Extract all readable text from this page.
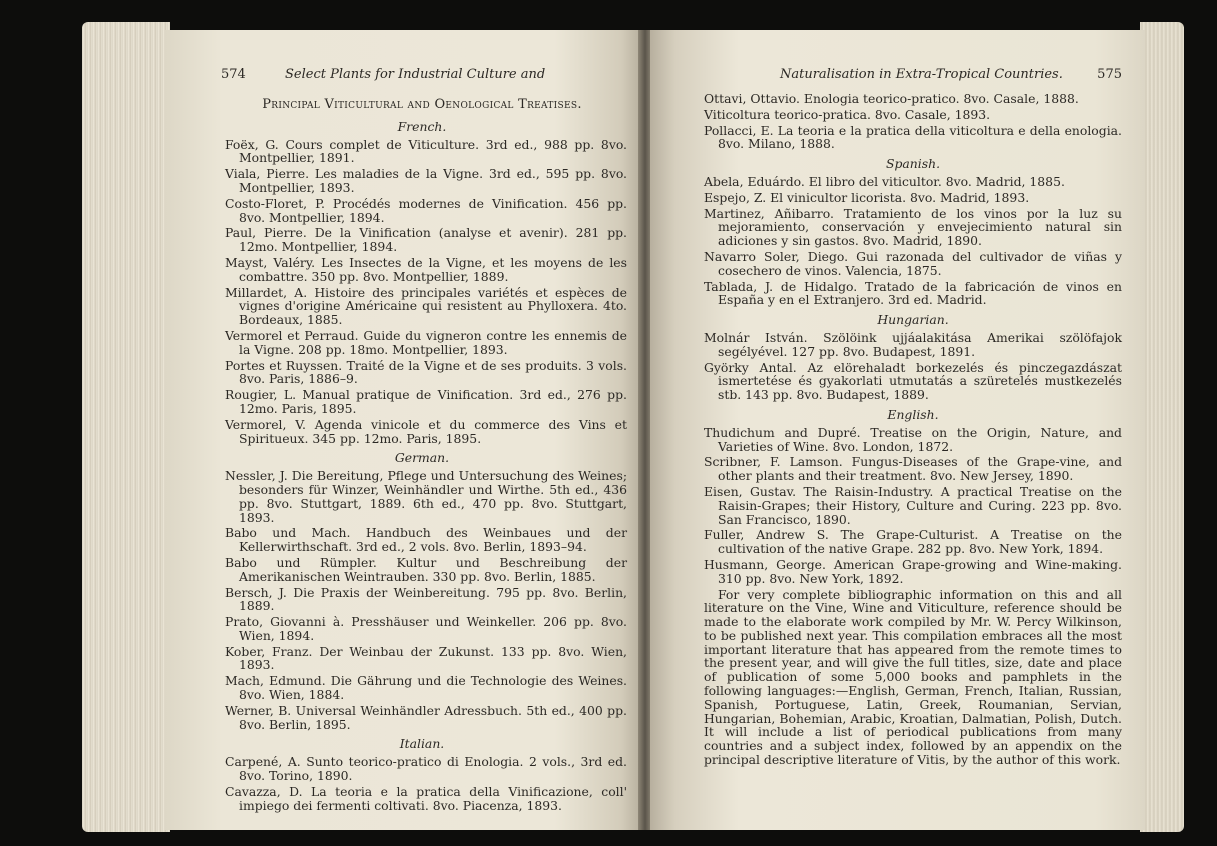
574	Select Plants for Industrial Culture and
Principal Viticultural and Oenological Treatises.
French.
Foëx, G. Cours complet de Viticulture. 3rd ed., 988 pp. 8vo. Montpellier, 1891.
Viala, Pierre. Les maladies de la Vigne. 3rd ed., 595 pp. 8vo. Montpellier, 1893.
Costo-Floret, P. Procédés modernes de Vinification. 456 pp. 8vo. Montpellier, 1894.
Paul, Pierre. De la Vinification (analyse et avenir). 281 pp. 12mo. Montpellier, 1894.
Mayst, Valéry. Les Insectes de la Vigne, et les moyens de les combattre. 350 pp. 8vo. Montpellier, 1889.
Millardet, A. Histoire des principales variétés et espèces de vignes d'origine Américaine qui resistent au Phylloxera. 4to. Bordeaux, 1885.
Vermorel et Perraud. Guide du vigneron contre les ennemis de la Vigne. 208 pp. 18mo. Montpellier, 1893.
Portes et Ruyssen. Traité de la Vigne et de ses produits. 3 vols. 8vo. Paris, 1886–9.
Rougier, L. Manual pratique de Vinification. 3rd ed., 276 pp. 12mo. Paris, 1895.
Vermorel, V. Agenda vinicole et du commerce des Vins et Spiritueux. 345 pp. 12mo. Paris, 1895.
German.
Nessler, J. Die Bereitung, Pflege und Untersuchung des Weines; besonders für Winzer, Weinhändler und Wirthe. 5th ed., 436 pp. 8vo. Stuttgart, 1889. 6th ed., 470 pp. 8vo. Stuttgart, 1893.
Babo und Mach. Handbuch des Weinbaues und der Kellerwirthschaft. 3rd ed., 2 vols. 8vo. Berlin, 1893–94.
Babo und Rümpler. Kultur und Beschreibung der Amerikanischen Weintrauben. 330 pp. 8vo. Berlin, 1885.
Bersch, J. Die Praxis der Weinbereitung. 795 pp. 8vo. Berlin, 1889.
Prato, Giovanni à. Presshäuser und Weinkeller. 206 pp. 8vo. Wien, 1894.
Kober, Franz. Der Weinbau der Zukunst. 133 pp. 8vo. Wien, 1893.
Mach, Edmund. Die Gährung und die Technologie des Weines. 8vo. Wien, 1884.
Werner, B. Universal Weinhändler Adressbuch. 5th ed., 400 pp. 8vo. Berlin, 1895.
Italian.
Carpené, A. Sunto teorico-pratico di Enologia. 2 vols., 3rd ed. 8vo. Torino, 1890.
Cavazza, D. La teoria e la pratica della Vinificazione, coll' impiego dei fermenti coltivati. 8vo. Piacenza, 1893.
Naturalisation in Extra-Tropical Countries.	575
Ottavi, Ottavio. Enologia teorico-pratico. 8vo. Casale, 1888.
Viticoltura teorico-pratica. 8vo. Casale, 1893.
Pollacci, E. La teoria e la pratica della viticoltura e della enologia. 8vo. Milano, 1888.
Spanish.
Abela, Eduárdo. El libro del viticultor. 8vo. Madrid, 1885.
Espejo, Z. El vinicultor licorista. 8vo. Madrid, 1893.
Martinez, Añibarro. Tratamiento de los vinos por la luz su mejoramiento, conservación y envejecimiento natural sin adiciones y sin gastos. 8vo. Madrid, 1890.
Navarro Soler, Diego. Gui razonada del cultivador de viñas y cosechero de vinos. Valencia, 1875.
Tablada, J. de Hidalgo. Tratado de la fabricación de vinos en España y en el Extranjero. 3rd ed. Madrid.
Hungarian.
Molnár István. Szölöink ujjáalakitása Amerikai szölöfajok segélyével. 127 pp. 8vo. Budapest, 1891.
Györky Antal. Az elörehaladt borkezelés és pinczegazdászat ismertetése és gyakorlati utmutatás a szüretelés mustkezelés stb. 143 pp. 8vo. Budapest, 1889.
English.
Thudichum and Dupré. Treatise on the Origin, Nature, and Varieties of Wine. 8vo. London, 1872.
Scribner, F. Lamson. Fungus-Diseases of the Grape-vine, and other plants and their treatment. 8vo. New Jersey, 1890.
Eisen, Gustav. The Raisin-Industry. A practical Treatise on the Raisin-Grapes; their History, Culture and Curing. 223 pp. 8vo. San Francisco, 1890.
Fuller, Andrew S. The Grape-Culturist. A Treatise on the cultivation of the native Grape. 282 pp. 8vo. New York, 1894.
Husmann, George. American Grape-growing and Wine-making. 310 pp. 8vo. New York, 1892.
For very complete bibliographic information on this and all literature on the Vine, Wine and Viticulture, reference should be made to the elaborate work compiled by Mr. W. Percy Wilkinson, to be published next year. This compilation embraces all the most important literature that has appeared from the remote times to the present year, and will give the full titles, size, date and place of publication of some 5,000 books and pamphlets in the following languages:—English, German, French, Italian, Russian, Spanish, Portuguese, Latin, Greek, Roumanian, Servian, Hungarian, Bohemian, Arabic, Kroatian, Dalmatian, Polish, Dutch. It will include a list of periodical publications from many countries and a subject index, followed by an appendix on the principal descriptive literature of Vitis, by the author of this work.
